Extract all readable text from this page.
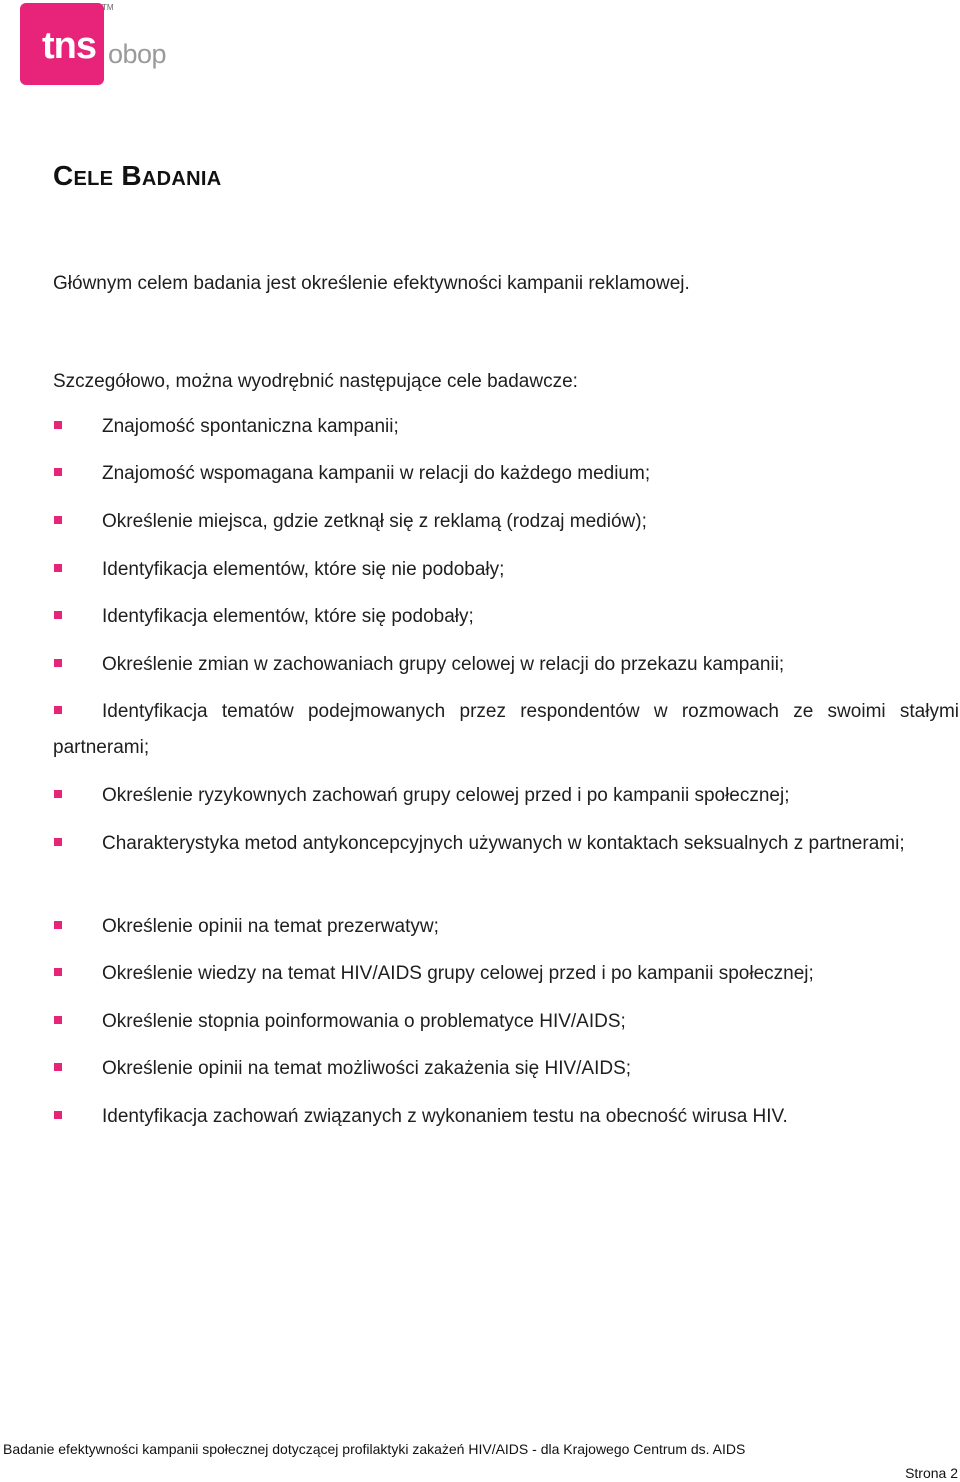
tns
TM
obop
Cele Badania

Głównym celem badania jest określenie efektywności kampanii reklamowej.

Szczegółowo, można wyodrębnić następujące cele badawcze:

Znajomość spontaniczna kampanii;
Znajomość wspomagana kampanii w relacji do każdego medium;
Określenie miejsca, gdzie zetknął się z reklamą (rodzaj mediów);
Identyfikacja elementów, które się nie podobały;
Identyfikacja elementów, które się podobały;
Określenie zmian w zachowaniach grupy celowej w relacji do przekazu kampanii;
Identyfikacja tematów podejmowanych przez respondentów w rozmowach ze swoimi stałymi partnerami;
Określenie ryzykownych zachowań grupy celowej przed i po kampanii społecznej;
Charakterystyka metod antykoncepcyjnych używanych w kontaktach seksualnych z partnerami;
Określenie opinii na temat prezerwatyw;
Określenie wiedzy na temat HIV/AIDS grupy celowej przed i po kampanii społecznej;
Określenie stopnia poinformowania o problematyce HIV/AIDS;
Określenie opinii na temat możliwości zakażenia się HIV/AIDS;
Identyfikacja zachowań związanych z wykonaniem testu na obecność wirusa HIV.
Badanie efektywności kampanii społecznej dotyczącej profilaktyki zakażeń HIV/AIDS - dla Krajowego Centrum ds. AIDS
Strona 2
